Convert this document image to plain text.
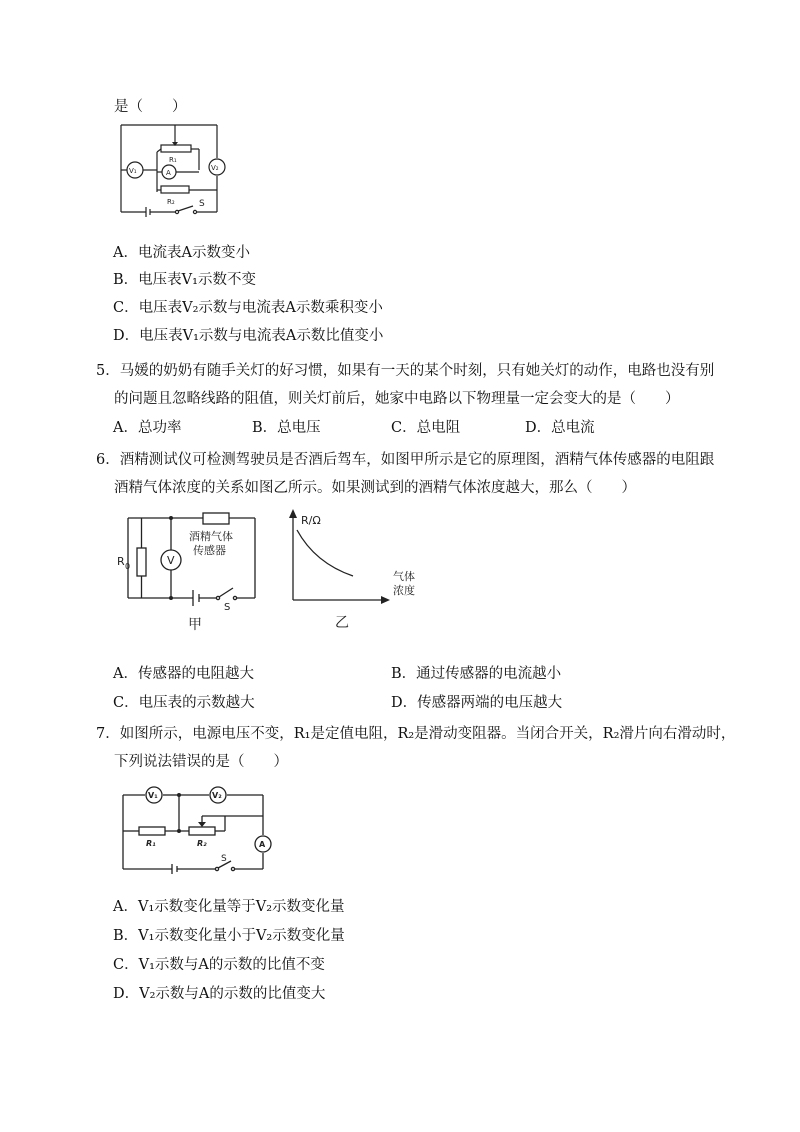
是（　　）
V₁	A
V₂
R₁
R₂	S
A．电流表A示数变小
B．电压表V₁示数不变
C．电压表V₂示数与电流表A示数乘积变小
D．电压表V₁示数与电流表A示数比值变小
5．马媛的奶奶有随手关灯的好习惯，如果有一天的某个时刻，只有她关灯的动作，电路也没有别
的问题且忽略线路的阻值，则关灯前后，她家中电路以下物理量一定会变大的是（　　）
A．总功率	B．总电压	C．总电阻	D．总电流
6．酒精测试仪可检测驾驶员是否酒后驾车，如图甲所示是它的原理图，酒精气体传感器的电阻跟
酒精气体浓度的关系如图乙所示。如果测试到的酒精气体浓度越大，那么（　　）
R 0	V
酒精气体
传感器
S
甲
R/Ω
气体
浓度
乙
A．传感器的电阻越大	B．通过传感器的电流越小
C．电压表的示数越大	D．传感器两端的电压越大
7．如图所示，电源电压不变，R₁是定值电阻，R₂是滑动变阻器。当闭合开关，R₂滑片向右滑动时，
下列说法错误的是（　　）
V₁	V₂
A
R₁	R₂
S
A．V₁示数变化量等于V₂示数变化量
B．V₁示数变化量小于V₂示数变化量
C．V₁示数与A的示数的比值不变
D．V₂示数与A的示数的比值变大
